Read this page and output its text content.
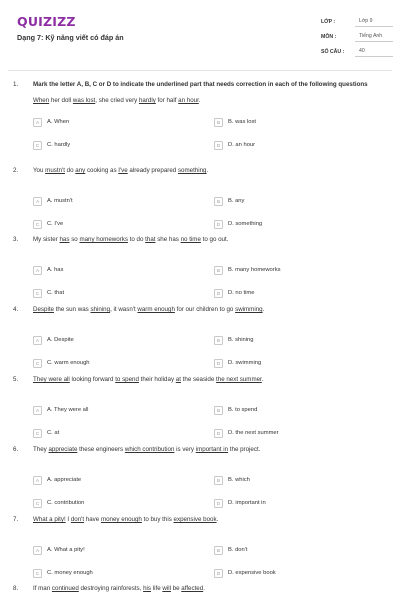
QUIZIZZ
Dạng 7: Kỹ năng viết có đáp án
LỚP :	Lớp 9
MÔN :	Tiếng Anh
SỐ CÂU :	40
1. Mark the letter A, B, C or D to indicate the underlined part that needs correction in each of the following questions
When her doll was lost, she cried very hardly for half an hour.
A	A. When	B	B. was lost
C	C. hardly	D	D. an hour
2. You mustn't do any cooking as I've already prepared something.
A	A. mustn't	B	B. any
C	C. I've	D	D. something
3. My sister has so many homeworks to do that she has no time to go out.
A	A. has	B	B. many homeworks
C	C. that	D	D. no time
4. Despite the sun was shining, it wasn't warm enough for our children to go swimming.
A	A. Despite	B	B. shining
C	C. warm enough	D	D. swimming
5. They were all looking forward to spend their holiday at the seaside the next summer.
A	A. They were all	B	B. to spend
C	C. at	D	D. the next summer
6. They appreciate these engineers which contribution is very important in the project.
A	A. appreciate	B	B. which
C	C. contribution	D	D. important in
7. What a pity! I don't have money enough to buy this expensive book.
A	A. What a pity!	B	B. don't
C	C. money enough	D	D. expensive book
8. If man continued destroying rainforests, his life will be affected.
